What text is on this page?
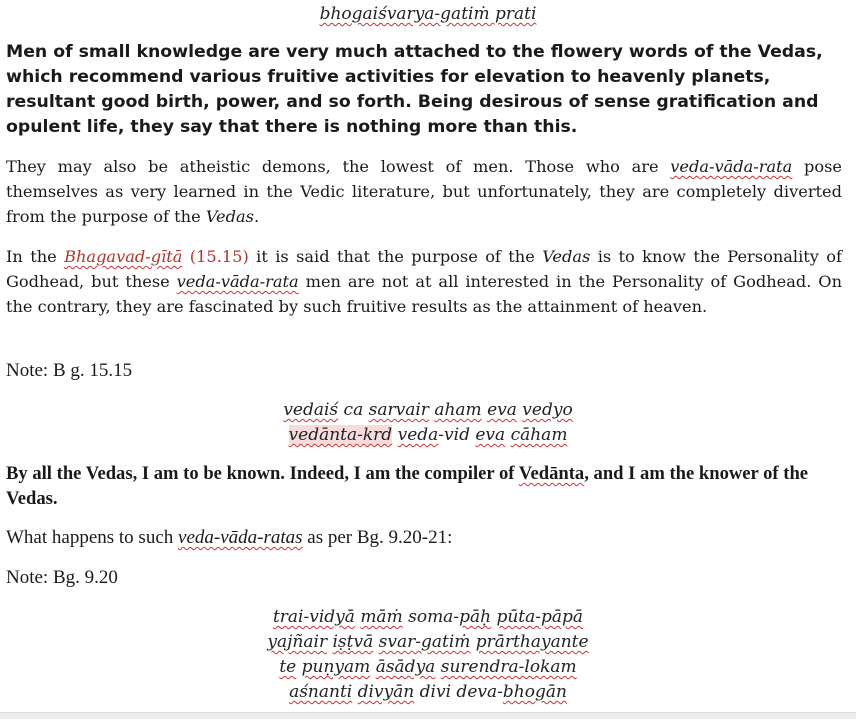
bhogaiśvarya-gatiṁ prati

Men of small knowledge are very much attached to the flowery words of the Vedas, which recommend various fruitive activities for elevation to heavenly planets, resultant good birth, power, and so forth. Being desirous of sense gratification and opulent life, they say that there is nothing more than this.

They may also be atheistic demons, the lowest of men. Those who are veda-vāda-rata pose themselves as very learned in the Vedic literature, but unfortunately, they are completely diverted from the purpose of the Vedas.

In the Bhagavad-gītā (15.15) it is said that the purpose of the Vedas is to know the Personality of Godhead, but these veda-vāda-rata men are not at all interested in the Personality of Godhead. On the contrary, they are fascinated by such fruitive results as the attainment of heaven.

Note: B g. 15.15

vedaiś ca sarvair aham eva vedyo
vedānta-krd veda-vid eva cāham

By all the Vedas, I am to be known. Indeed, I am the compiler of Vedānta, and I am the knower of the Vedas.

What happens to such veda-vāda-ratas as per Bg. 9.20-21:

Note: Bg. 9.20

trai-vidyā māṁ soma-pāḥ pūta-pāpā
yajñair iṣṭvā svar-gatiṁ prārthayante
te puṇyam āsādya surendra-lokam
aśnanti divyān divi deva-bhogān
